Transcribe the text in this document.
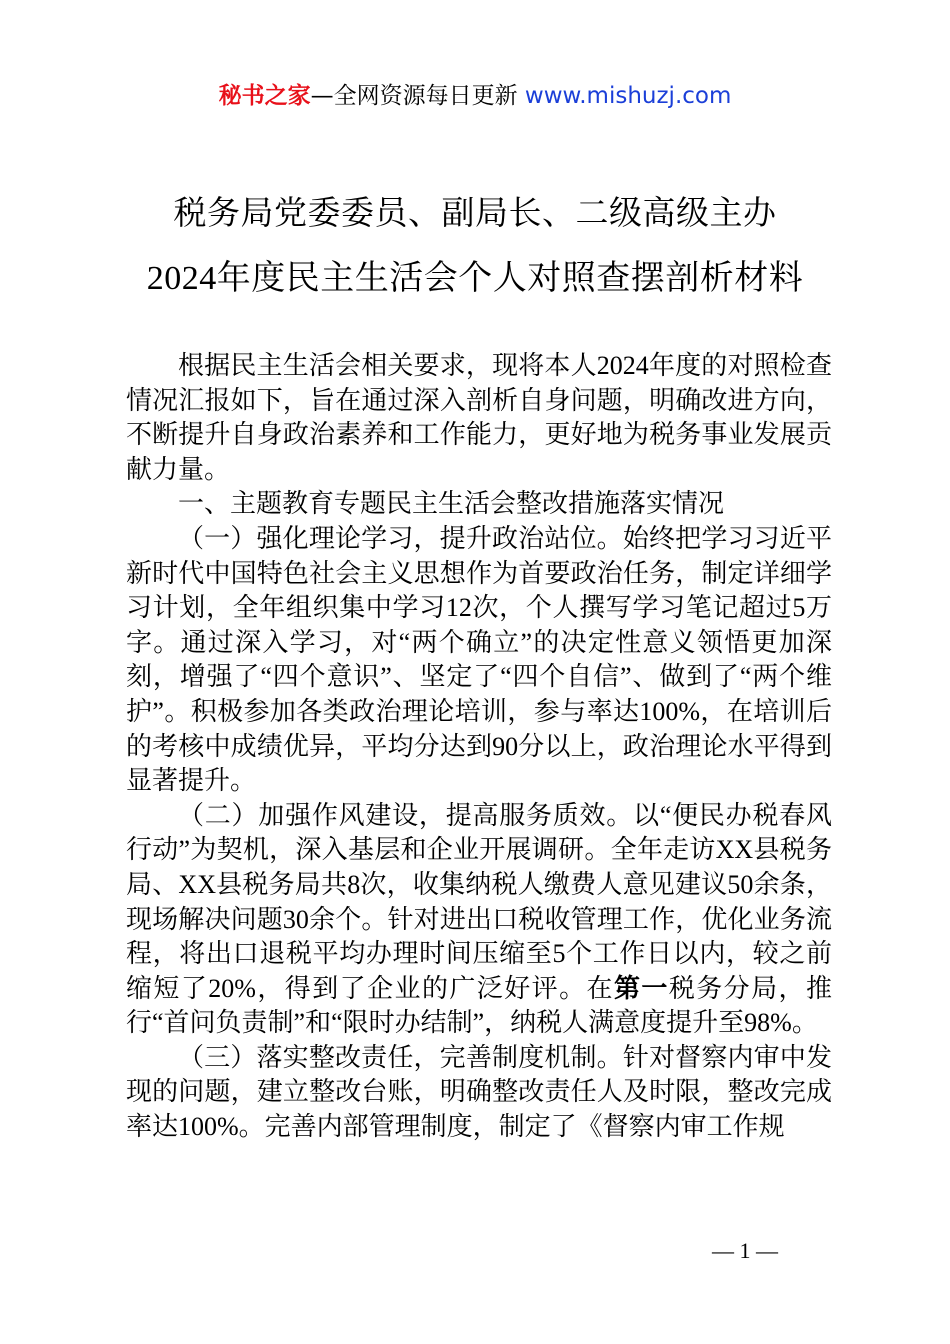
秘书之家—全网资源每日更新 www.mishuzj.com
税务局党委委员、副局长、二级高级主办
2024年度民主生活会个人对照查摆剖析材料

根据民主生活会相关要求，现将本人2024年度的对照检查情况汇报如下，旨在通过深入剖析自身问题，明确改进方向，不断提升自身政治素养和工作能力，更好地为税务事业发展贡献力量。

一、主题教育专题民主生活会整改措施落实情况

（一）强化理论学习，提升政治站位。始终把学习习近平新时代中国特色社会主义思想作为首要政治任务，制定详细学习计划，全年组织集中学习12次，个人撰写学习笔记超过5万字。通过深入学习，对“两个确立”的决定性意义领悟更加深刻，增强了“四个意识”、坚定了“四个自信”、做到了“两个维护”。积极参加各类政治理论培训，参与率达100%，在培训后的考核中成绩优异，平均分达到90分以上，政治理论水平得到显著提升。

（二）加强作风建设，提高服务质效。以“便民办税春风行动”为契机，深入基层和企业开展调研。全年走访XX县税务局、XX县税务局共8次，收集纳税人缴费人意见建议50余条，现场解决问题30余个。针对进出口税收管理工作，优化业务流程，将出口退税平均办理时间压缩至5个工作日以内，较之前缩短了20%，得到了企业的广泛好评。在第一税务分局，推行“首问负责制”和“限时办结制”，纳税人满意度提升至98%。

（三）落实整改责任，完善制度机制。针对督察内审中发现的问题，建立整改台账，明确整改责任人及时限，整改完成率达100%。完善内部管理制度，制定了《督察内审工作规

— 1 —
